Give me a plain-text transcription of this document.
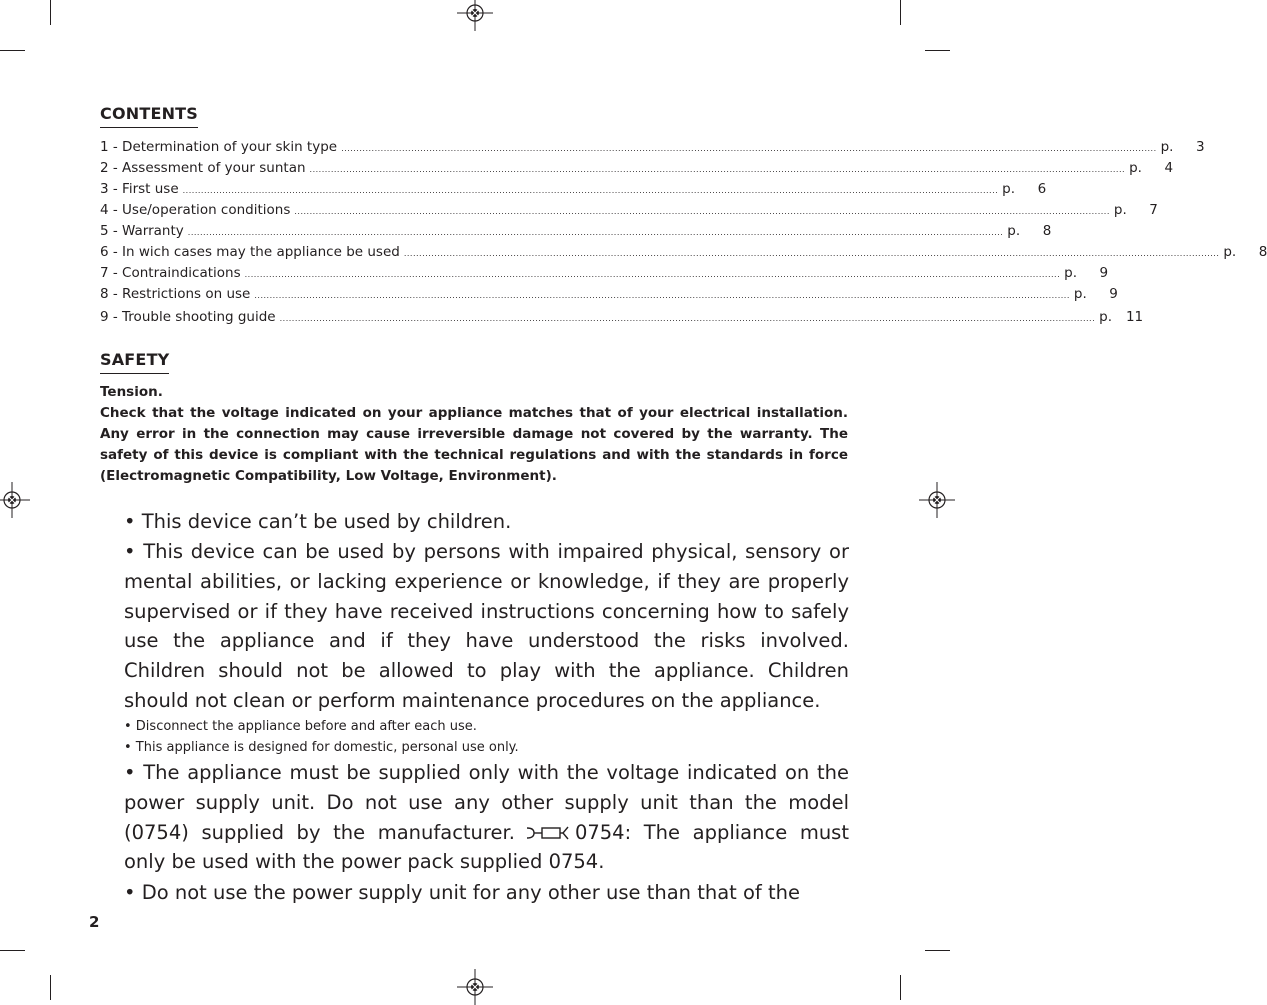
CONTENTS
1 - Determination of your skin type ............................................................................................................................................................................................................................................................................ p.	3
2 - Assessment of your suntan ............................................................................................................................................................................................................................................................................ p.	4
3 - First use ............................................................................................................................................................................................................................................................................ p.	6
4 - Use/operation conditions ............................................................................................................................................................................................................................................................................ p.	7
5 - Warranty ............................................................................................................................................................................................................................................................................ p.	8
6 - In wich cases may the appliance be used ............................................................................................................................................................................................................................................................................ p.	8
7 - Contraindications ............................................................................................................................................................................................................................................................................ p.	9
8 - Restrictions on use ............................................................................................................................................................................................................................................................................ p.	9
9 - Trouble shooting guide ............................................................................................................................................................................................................................................................................ p.	11
SAFETY
Tension.
Check that the voltage indicated on your appliance matches that of your electrical installation. Any error in the connection may cause irreversible damage not covered by the warranty. The safety of this device is compliant with the technical regulations and with the standards in force (Electromagnetic Compatibility, Low Voltage, Environment).
• This device can’t be used by children.
• This device can be used by persons with impaired physical, sensory or mental abilities, or lacking experience or knowledge, if they are properly supervised or if they have received instructions concerning how to safely use the appliance and if they have understood the risks involved. Children should not be allowed to play with the appliance. Children should not clean or perform maintenance procedures on the appliance.
• Disconnect the appliance before and after each use.
• This appliance is designed for domestic, personal use only.
• The appliance must be supplied only with the voltage indicated on the power supply unit. Do not use any other supply unit than the model (0754) supplied by the manufacturer.	0754: The appliance must only be used with the power pack supplied 0754.
• Do not use the power supply unit for any other use than that of the
2
